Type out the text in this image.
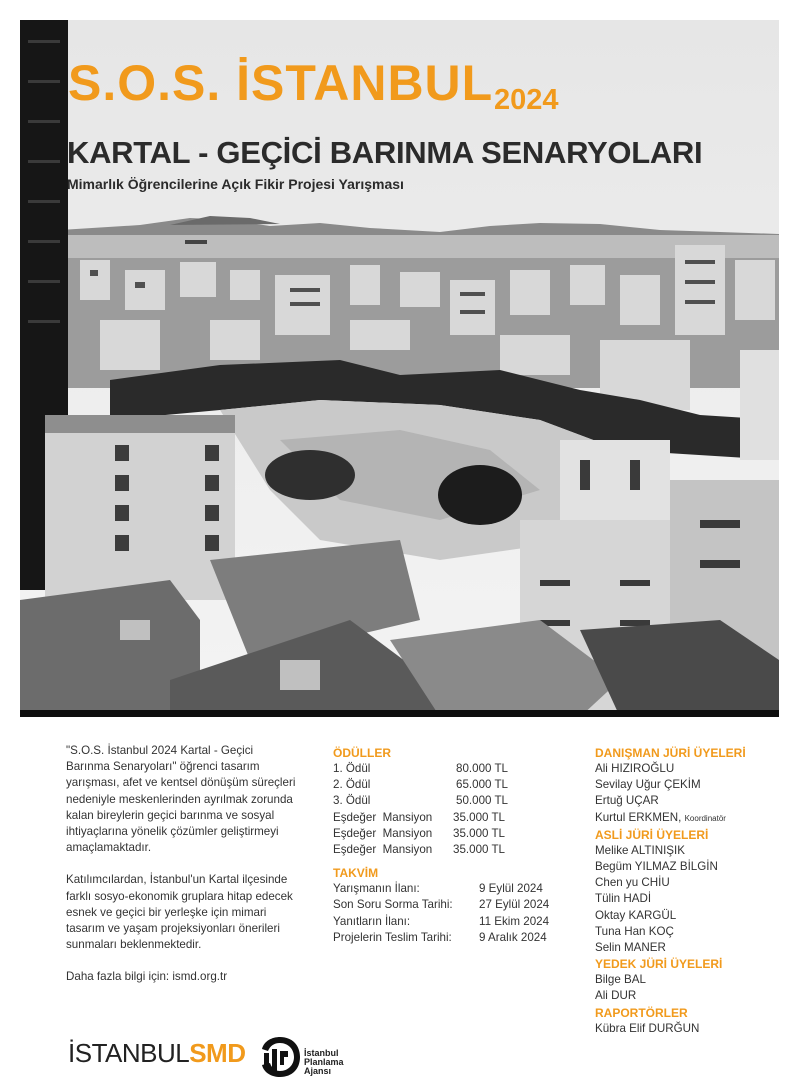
S.O.S. İSTANBUL 2024
KARTAL - GEÇİCİ BARINMA SENARYOLARI
Mimarlık Öğrencilerine Açık Fikir Projesi Yarışması

"S.O.S. İstanbul 2024 Kartal - Geçici Barınma Senaryoları" öğrenci tasarım yarışması, afet ve kentsel dönüşüm süreçleri nedeniyle meskenlerinden ayrılmak zorunda kalan bireylerin geçici barınma ve sosyal ihtiyaçlarına yönelik çözümler geliştirmeyi amaçlamaktadır.

Katılımcılardan, İstanbul'un Kartal ilçesinde farklı sosyo-ekonomik gruplara hitap edecek esnek ve geçici bir yerleşke için mimari tasarım ve yaşam projeksiyonları önerileri sunmaları beklenmektedir.

Daha fazla bilgi için: ismd.org.tr

ÖDÜLLER
1. Ödül	80.000 TL
2. Ödül	65.000 TL
3. Ödül	50.000 TL
Eşdeğer  Mansiyon	35.000 TL
Eşdeğer  Mansiyon	35.000 TL
Eşdeğer  Mansiyon	35.000 TL
TAKVİM
Yarışmanın İlanı:	9 Eylül 2024
Son Soru Sorma Tarihi:	27 Eylül 2024
Yanıtların İlanı:	11 Ekim 2024
Projelerin Teslim Tarihi:	9 Aralık 2024
DANIŞMAN JÜRİ ÜYELERİ
Ali HIZIROĞLU
Sevilay Uğur ÇEKİM
Ertuğ UÇAR
Kurtul ERKMEN, Koordinatör
ASLİ JÜRİ ÜYELERİ
Melike ALTINIŞIK
Begüm YILMAZ BİLGİN
Chen yu CHİU
Tülin HADİ
Oktay KARGÜL
Tuna Han KOÇ
Selin MANER
YEDEK JÜRİ ÜYELERİ
Bilge BAL
Ali DUR
RAPORTÖRLER
Kübra Elif DURĞUN
İSTANBULSMD	İstanbul
Planlama
Ajansı
